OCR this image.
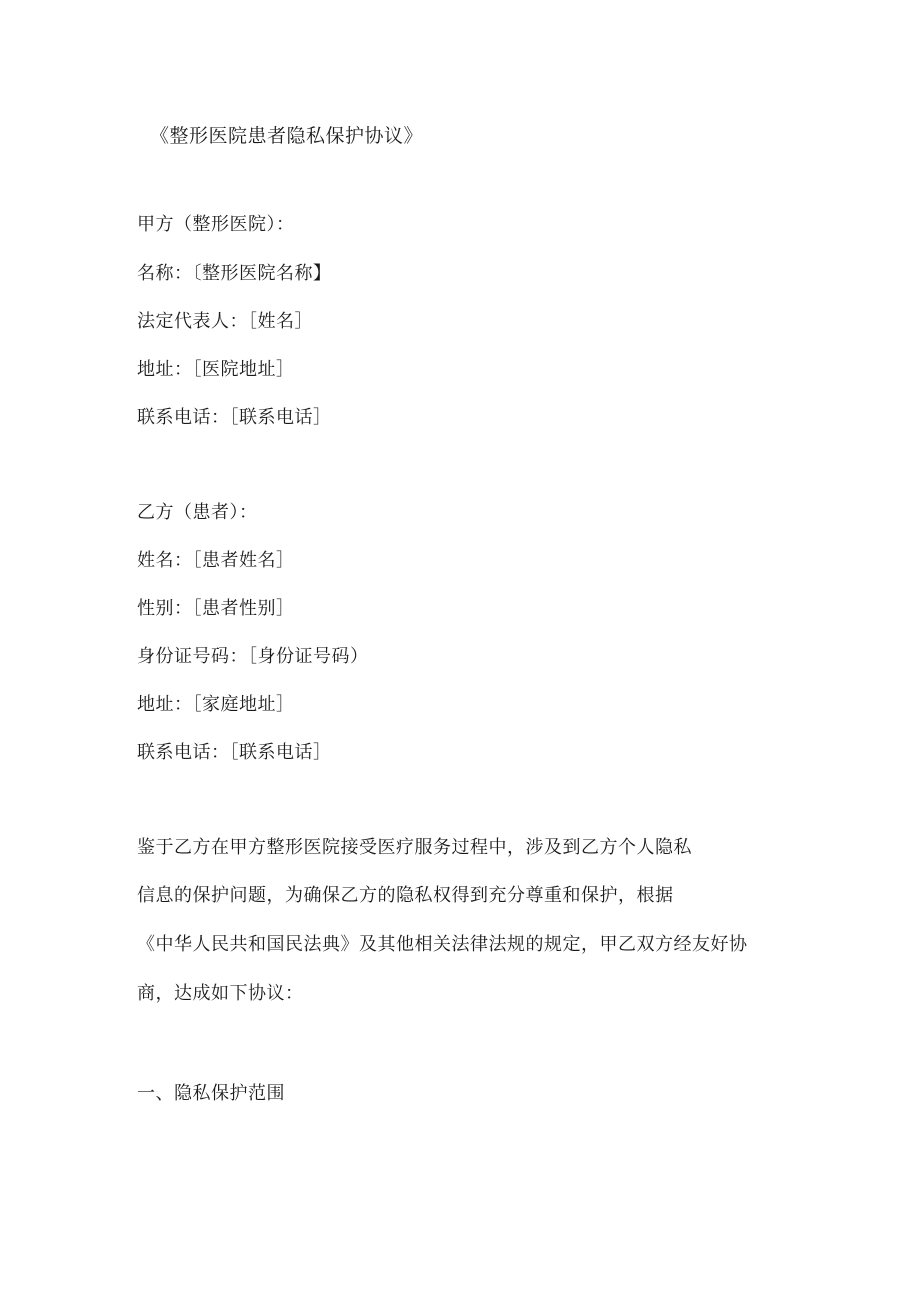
《整形医院患者隐私保护协议》
甲方（整形医院）：
名称：〔整形医院名称】
法定代表人：［姓名］
地址：［医院地址］
联系电话：［联系电话］
乙方（患者）：
姓名：［患者姓名］
性别：［患者性别］
身份证号码：［身份证号码）
地址：［家庭地址］
联系电话：［联系电话］
鉴于乙方在甲方整形医院接受医疗服务过程中，涉及到乙方个人隐私
信息的保护问题，为确保乙方的隐私权得到充分尊重和保护，根据
《中华人民共和国民法典》及其他相关法律法规的规定，甲乙双方经友好协
商，达成如下协议：
一、隐私保护范围
